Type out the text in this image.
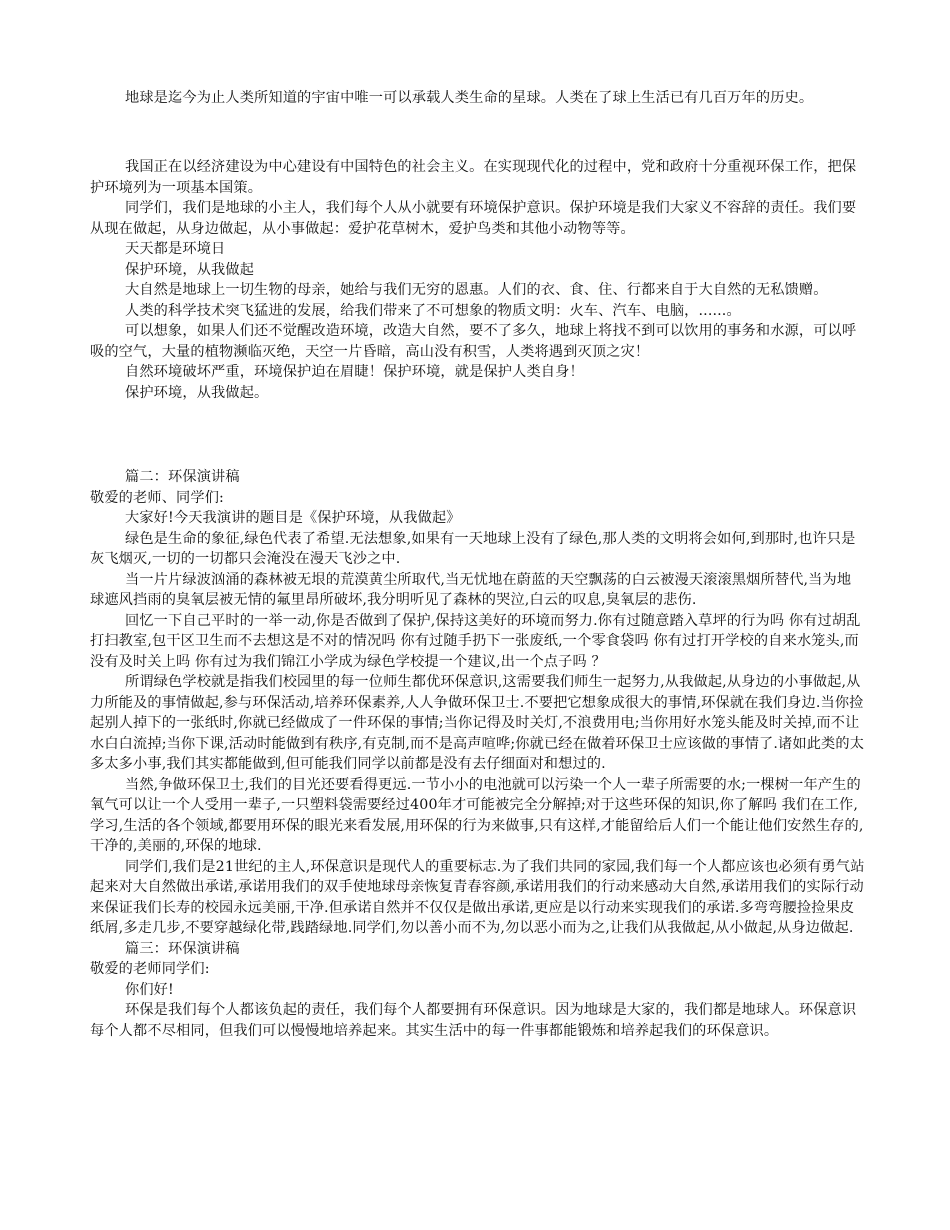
地球是迄今为止人类所知道的宇宙中唯一可以承载人类生命的星球。人类在了球上生活已有几百万年的历史。

我国正在以经济建设为中心建设有中国特色的社会主义。在实现现代化的过程中，党和政府十分重视环保工作，把保护环境列为一项基本国策。

同学们，我们是地球的小主人，我们每个人从小就要有环境保护意识。保护环境是我们大家义不容辞的责任。我们要从现在做起，从身边做起，从小事做起：爱护花草树木，爱护鸟类和其他小动物等等。

天天都是环境日

保护环境，从我做起

大自然是地球上一切生物的母亲，她给与我们无穷的恩惠。人们的衣、食、住、行都来自于大自然的无私馈赠。

人类的科学技术突飞猛进的发展，给我们带来了不可想象的物质文明：火车、汽车、电脑，......。

可以想象，如果人们还不觉醒改造环境，改造大自然，要不了多久，地球上将找不到可以饮用的事务和水源，可以呼吸的空气，大量的植物濒临灭绝，天空一片昏暗，高山没有积雪，人类将遇到灭顶之灾！

自然环境破坏严重，环境保护迫在眉睫！保护环境，就是保护人类自身！

保护环境，从我做起。

篇二：环保演讲稿

敬爱的老师、同学们:

大家好!今天我演讲的题目是《保护环境，从我做起》

绿色是生命的象征,绿色代表了希望.无法想象,如果有一天地球上没有了绿色,那人类的文明将会如何,到那时,也许只是灰飞烟灭,一切的一切都只会淹没在漫天飞沙之中.

当一片片绿波汹涌的森林被无垠的荒漠黄尘所取代,当无忧地在蔚蓝的天空飘荡的白云被漫天滚滚黑烟所替代,当为地球遮风挡雨的臭氧层被无情的氟里昂所破坏,我分明听见了森林的哭泣,白云的叹息,臭氧层的悲伤.

回忆一下自己平时的一举一动,你是否做到了保护,保持这美好的环境而努力.你有过随意踏入草坪的行为吗 你有过胡乱打扫教室,包干区卫生而不去想这是不对的情况吗 你有过随手扔下一张废纸,一个零食袋吗 你有过打开学校的自来水笼头,而没有及时关上吗 你有过为我们锦江小学成为绿色学校提一个建议,出一个点子吗 ？

所谓绿色学校就是指我们校园里的每一位师生都优环保意识,这需要我们师生一起努力,从我做起,从身边的小事做起,从力所能及的事情做起,参与环保活动,培养环保素养,人人争做环保卫士.不要把它想象成很大的事情,环保就在我们身边.当你捡起别人掉下的一张纸时,你就已经做成了一件环保的事情;当你记得及时关灯,不浪费用电;当你用好水笼头能及时关掉,而不让水白白流掉;当你下课,活动时能做到有秩序,有克制,而不是高声喧哗;你就已经在做着环保卫士应该做的事情了.诸如此类的太多太多小事,我们其实都能做到,但可能我们同学以前都是没有去仔细面对和想过的.

当然,争做环保卫士,我们的目光还要看得更远.一节小小的电池就可以污染一个人一辈子所需要的水;一棵树一年产生的氧气可以让一个人受用一辈子,一只塑料袋需要经过400年才可能被完全分解掉;对于这些环保的知识,你了解吗 我们在工作,学习,生活的各个领域,都要用环保的眼光来看发展,用环保的行为来做事,只有这样,才能留给后人们一个能让他们安然生存的,干净的,美丽的,环保的地球.

同学们,我们是21世纪的主人,环保意识是现代人的重要标志.为了我们共同的家园,我们每一个人都应该也必须有勇气站起来对大自然做出承诺,承诺用我们的双手使地球母亲恢复青春容颜,承诺用我们的行动来感动大自然,承诺用我们的实际行动来保证我们长寿的校园永远美丽,干净.但承诺自然并不仅仅是做出承诺,更应是以行动来实现我们的承诺.多弯弯腰捡捡果皮纸屑,多走几步,不要穿越绿化带,践踏绿地.同学们,勿以善小而不为,勿以恶小而为之,让我们从我做起,从小做起,从身边做起.

篇三：环保演讲稿

敬爱的老师同学们:

你们好!

环保是我们每个人都该负起的责任，我们每个人都要拥有环保意识。因为地球是大家的，我们都是地球人。环保意识每个人都不尽相同，但我们可以慢慢地培养起来。其实生活中的每一件事都能锻炼和培养起我们的环保意识。
